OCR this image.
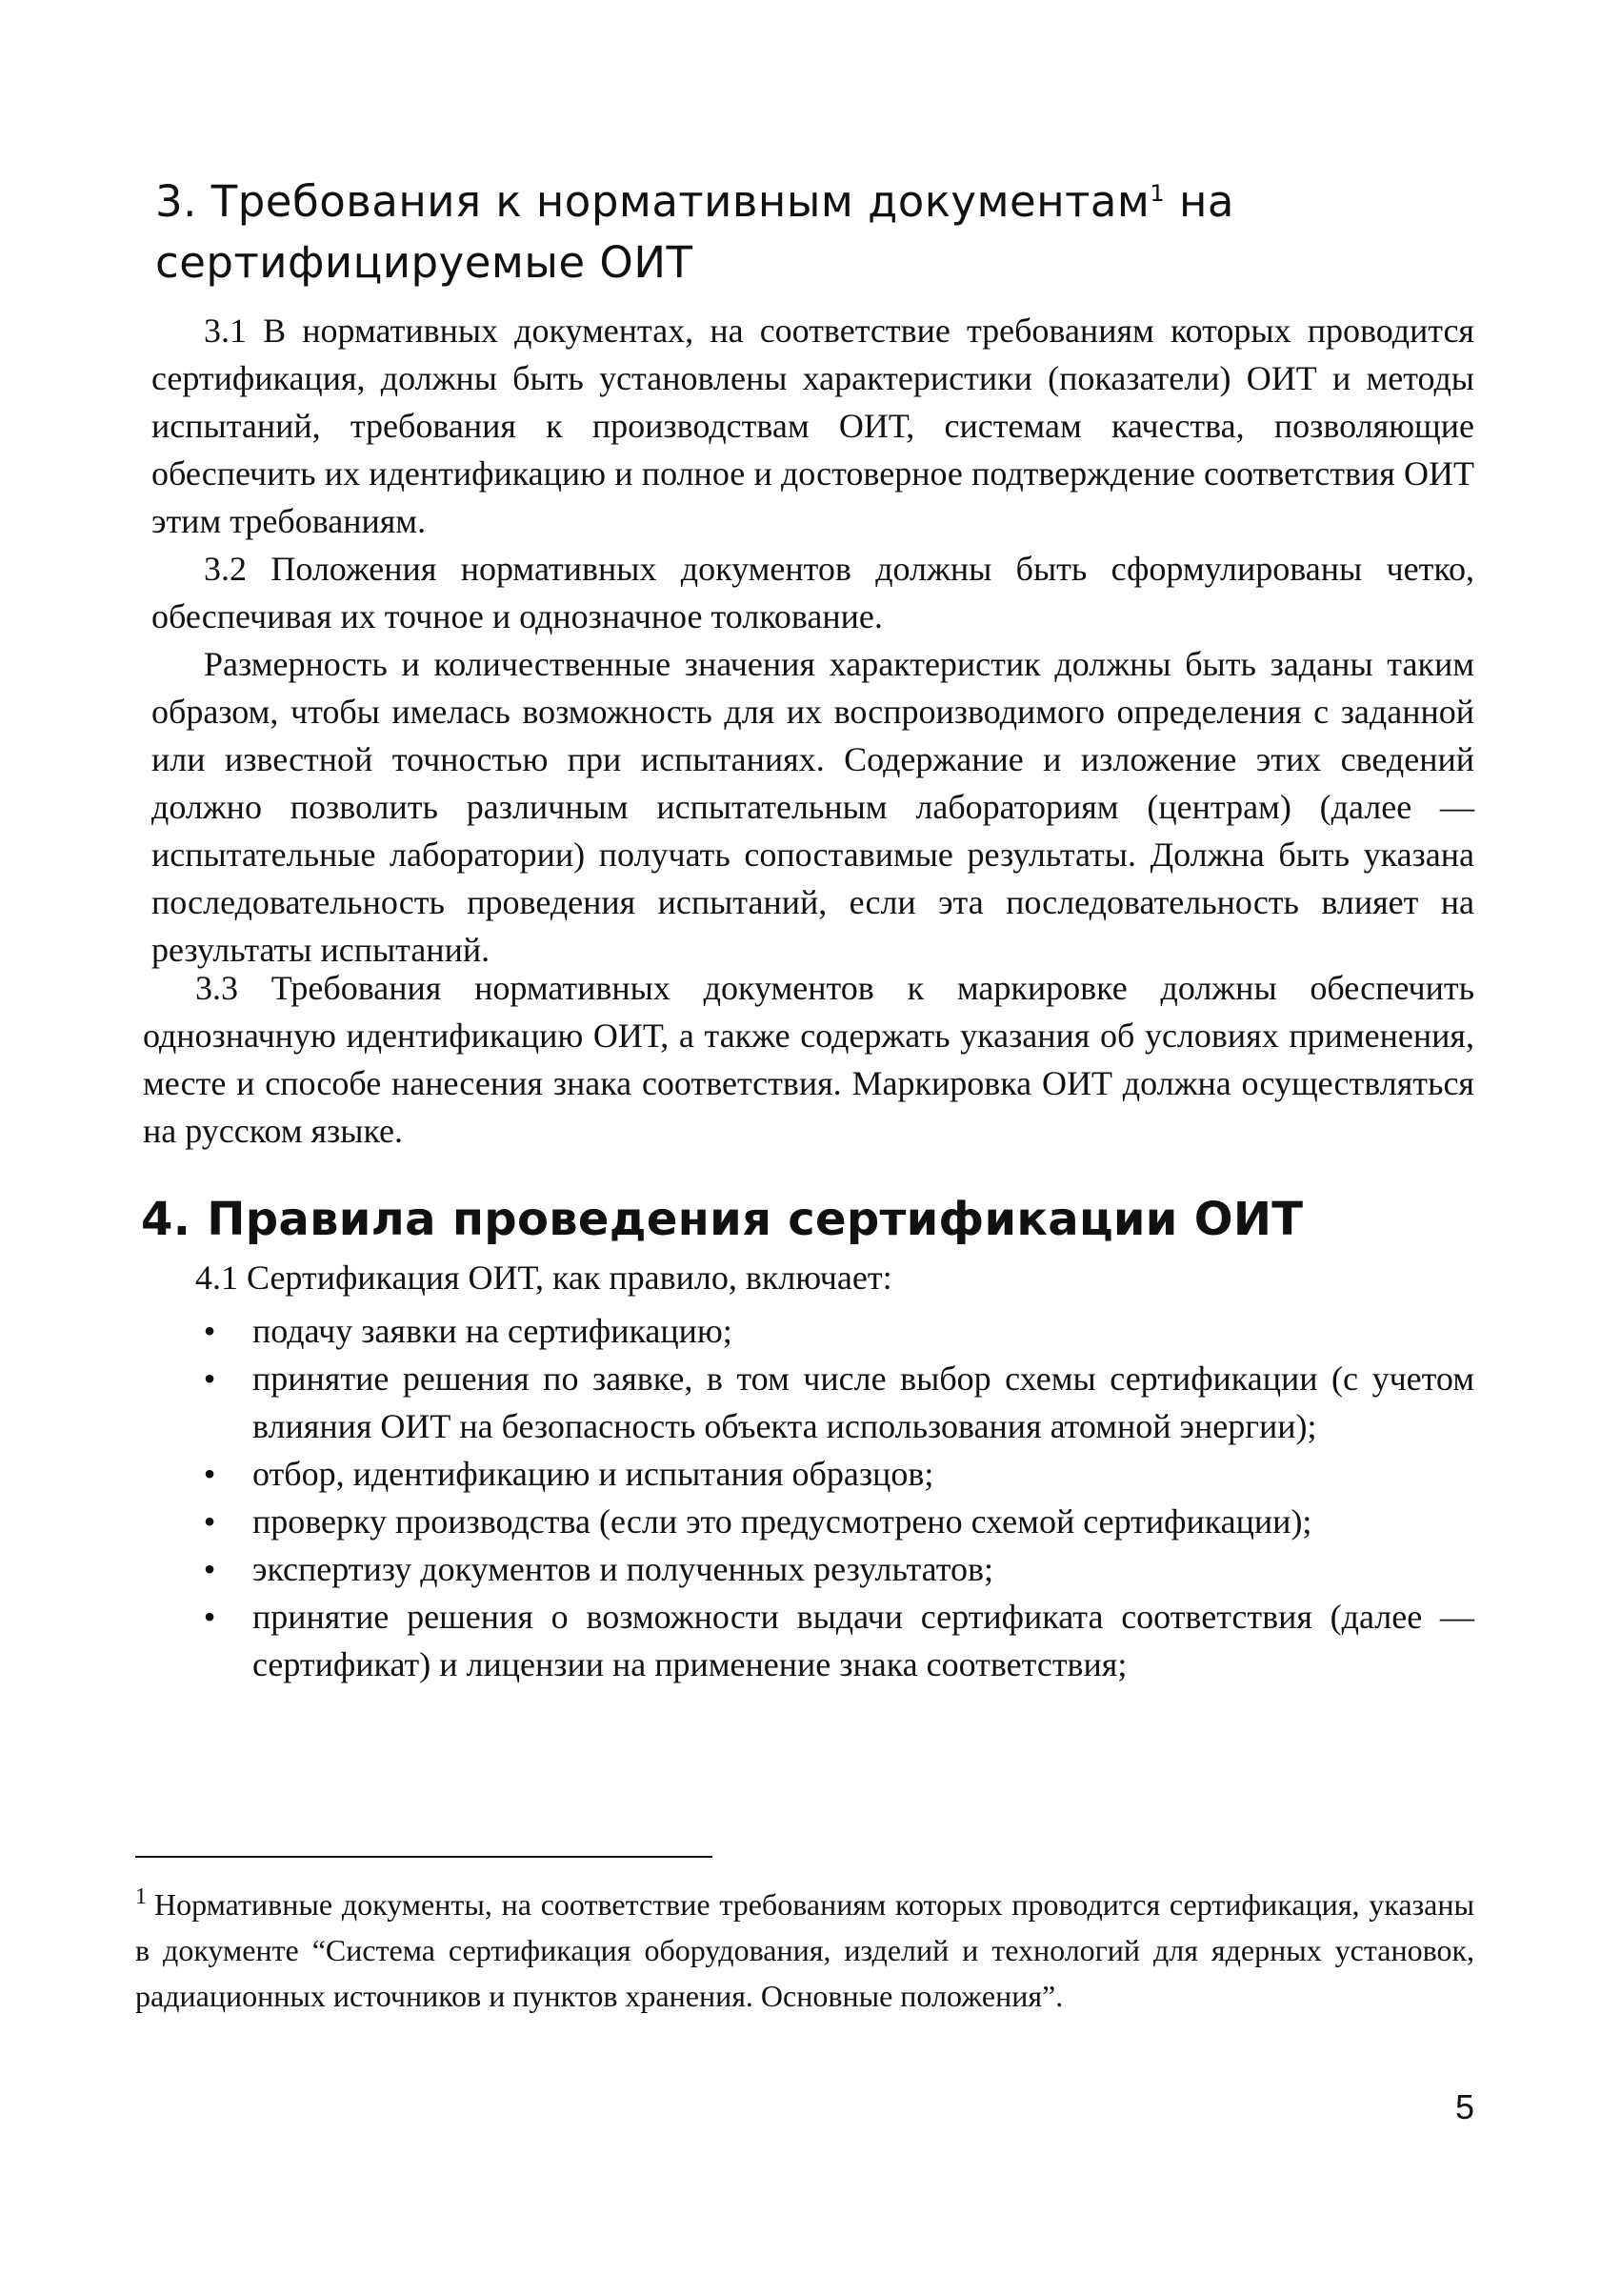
3. Требования к нормативным документам$^1$ на сертифицируемые ОИТ

3.1 В нормативных документах, на соответствие требованиям которых проводится сертификация, должны быть установлены характеристики (показатели) ОИТ и методы испытаний, требования к производствам ОИТ, системам качества, позволяющие обеспечить их идентификацию и полное и достоверное подтверждение соответствия ОИТ этим требованиям.

3.2 Положения нормативных документов должны быть сформулированы четко, обеспечивая их точное и однозначное толкование.

Размерность и количественные значения характеристик должны быть заданы таким образом, чтобы имелась возможность для их воспроизводимого определения с заданной или известной точностью при испытаниях. Содержание и изложение этих сведений должно позволить различным испытательным лабораториям (центрам) (далее — испытательные лаборатории) получать сопоставимые результаты. Должна быть указана последовательность проведения испытаний, если эта последовательность влияет на результаты испытаний.

3.3 Требования нормативных документов к маркировке должны обеспечить однозначную идентификацию ОИТ, а также содержать указания об условиях применения, месте и способе нанесения знака соответствия. Маркировка ОИТ должна осуществляться на русском языке.

4. Правила проведения сертификации ОИТ

4.1 Сертификация ОИТ, как правило, включает:

• подачу заявки на сертификацию;
• принятие решения по заявке, в том числе выбор схемы сертификации (с учетом влияния ОИТ на безопасность объекта использования атомной энергии);
• отбор, идентификацию и испытания образцов;
• проверку производства (если это предусмотрено схемой сертификации);
• экспертизу документов и полученных результатов;
• принятие решения о возможности выдачи сертификата соответствия (далее — сертификат) и лицензии на применение знака соответствия;

$^1$ Нормативные документы, на соответствие требованиям которых проводится сертификация, указаны в документе “Система сертификация оборудования, изделий и технологий для ядерных установок, радиационных источников и пунктов хранения. Основные положения”.

5
